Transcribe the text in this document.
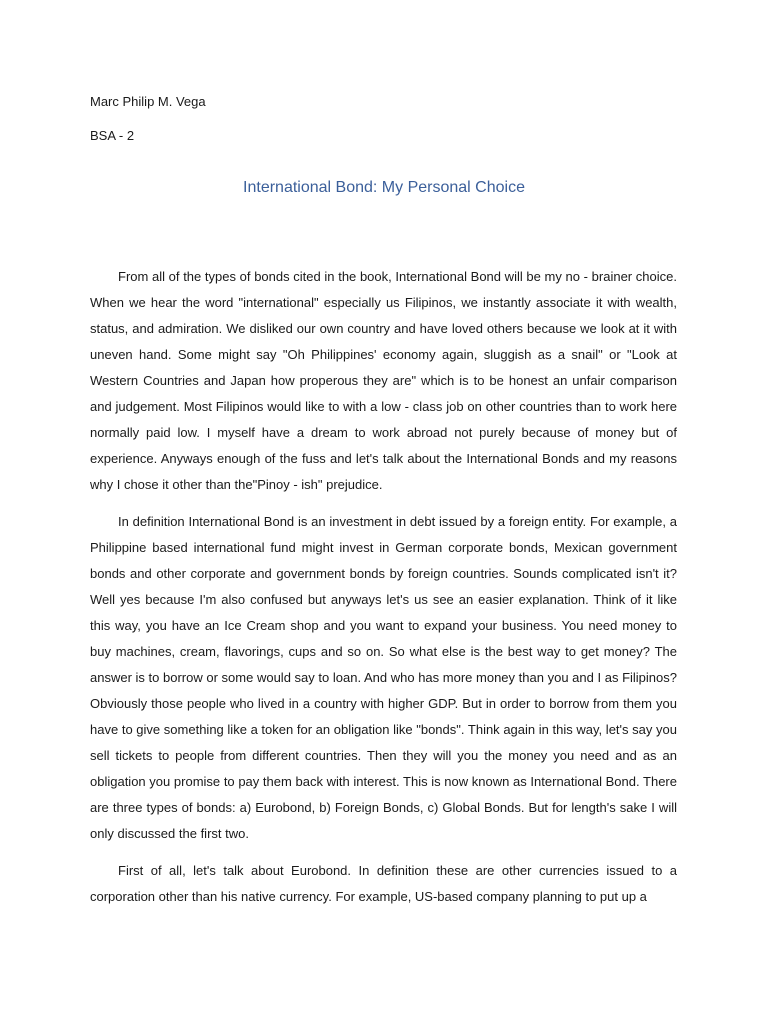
Marc Philip M. Vega
BSA - 2
International Bond: My Personal Choice

From all of the types of bonds cited in the book, International Bond will be my no - brainer choice. When we hear the word "international" especially us Filipinos, we instantly associate it with wealth, status, and admiration. We disliked our own country and have loved others because we look at it with uneven hand. Some might say "Oh Philippines' economy again, sluggish as a snail" or "Look at Western Countries and Japan how properous they are" which is to be honest an unfair comparison and judgement. Most Filipinos would like to with a low - class job on other countries than to work here normally paid low. I myself have a dream to work abroad not purely because of money but of experience. Anyways enough of the fuss and let's talk about the International Bonds and my reasons why I chose it other than the"Pinoy - ish" prejudice.

In definition International Bond is an investment in debt issued by a foreign entity. For example, a Philippine based international fund might invest in German corporate bonds, Mexican government bonds and other corporate and government bonds by foreign countries. Sounds complicated isn't it? Well yes because I'm also confused but anyways let's us see an easier explanation. Think of it like this way, you have an Ice Cream shop and you want to expand your business. You need money to buy machines, cream, flavorings, cups and so on. So what else is the best way to get money? The answer is to borrow or some would say to loan. And who has more money than you and I as Filipinos? Obviously those people who lived in a country with higher GDP. But in order to borrow from them you have to give something like a token for an obligation like "bonds". Think again in this way, let's say you sell tickets to people from different countries. Then they will you the money you need and as an obligation you promise to pay them back with interest. This is now known as International Bond. There are three types of bonds: a) Eurobond, b) Foreign Bonds, c) Global Bonds. But for length's sake I will only discussed the first two.

First of all, let's talk about Eurobond. In definition these are other currencies issued to a corporation other than his native currency. For example, US-based company planning to put up a
